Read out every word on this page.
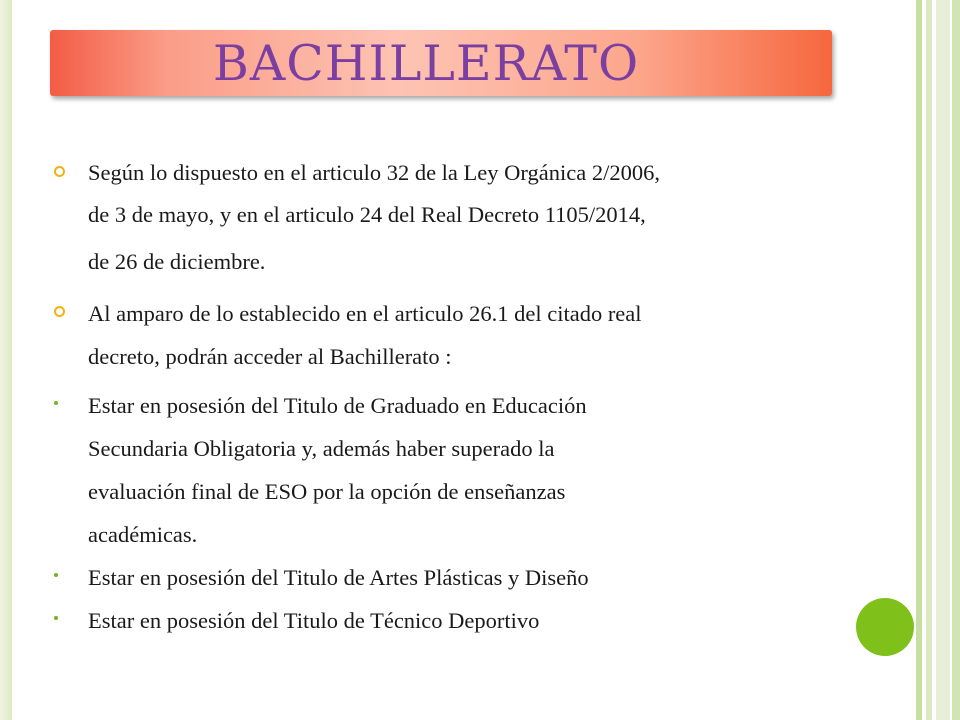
BACHILLERATO
Según lo dispuesto en el articulo 32 de la Ley Orgánica 2/2006,
de 3 de mayo, y en el articulo 24 del Real Decreto 1105/2014,
de 26 de diciembre.
Al amparo de lo establecido en el articulo 26.1 del citado real
decreto, podrán acceder al Bachillerato :
Estar en posesión del Titulo de Graduado en Educación
Secundaria Obligatoria y, además haber superado la
evaluación final de ESO por la opción de enseñanzas
académicas.
Estar en posesión del Titulo de Artes Plásticas y Diseño
Estar en posesión del Titulo de Técnico Deportivo
